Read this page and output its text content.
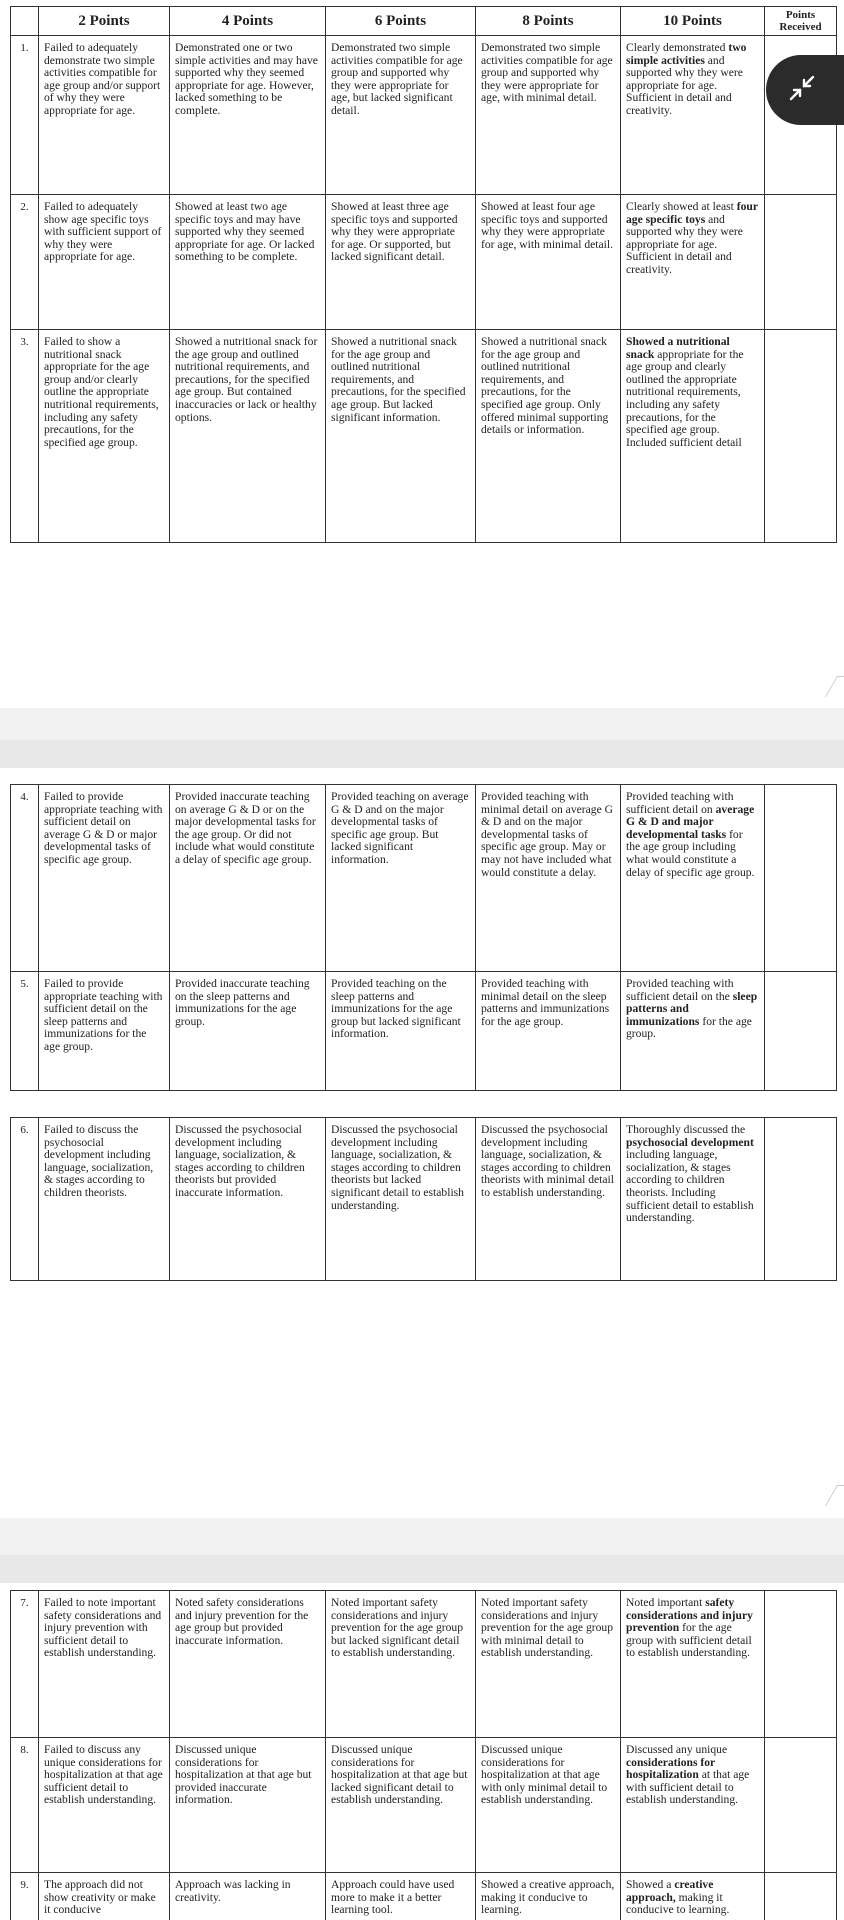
	2 Points	4 Points	6 Points	8 Points	10 Points	Points Received
1.	Failed to adequately demonstrate two simple activities compatible for age group and/or support of why they were appropriate for age.	Demonstrated one or two simple activities and may have supported why they seemed appropriate for age. However, lacked something to be complete.	Demonstrated two simple activities compatible for age group and supported why they were appropriate for age, but lacked significant detail.	Demonstrated two simple activities compatible for age group and supported why they were appropriate for age, with minimal detail.	Clearly demonstrated two simple activities and supported why they were appropriate for age. Sufficient in detail and creativity.	
2.	Failed to adequately show age specific toys with sufficient support of why they were appropriate for age.	Showed at least two age specific toys and may have supported why they seemed appropriate for age. Or lacked something to be complete.	Showed at least three age specific toys and supported why they were appropriate for age. Or supported, but lacked significant detail.	Showed at least four age specific toys and supported why they were appropriate for age, with minimal detail.	Clearly showed at least four age specific toys and supported why they were appropriate for age. Sufficient in detail and creativity.	
3.	Failed to show a nutritional snack appropriate for the age group and/or clearly outline the appropriate nutritional requirements, including any safety precautions, for the specified age group.	Showed a nutritional snack for the age group and outlined nutritional requirements, and precautions, for the specified age group. But contained inaccuracies or lack or healthy options.	Showed a nutritional snack for the age group and outlined nutritional requirements, and precautions, for the specified age group. But lacked significant information.	Showed a nutritional snack for the age group and outlined nutritional requirements, and precautions, for the specified age group. Only offered minimal supporting details or information.	Showed a nutritional snack appropriate for the age group and clearly outlined the appropriate nutritional requirements, including any safety precautions, for the specified age group. Included sufficient detail	
4.	Failed to provide appropriate teaching with sufficient detail on average G & D or major developmental tasks of specific age group.	Provided inaccurate teaching on average G & D or on the major developmental tasks for the age group. Or did not include what would constitute a delay of specific age group.	Provided teaching on average G & D and on the major developmental tasks of specific age group. But lacked significant information.	Provided teaching with minimal detail on average G & D and on the major developmental tasks of specific age group. May or may not have included what would constitute a delay.	Provided teaching with sufficient detail on average G & D and major developmental tasks for the age group including what would constitute a delay of specific age group.	
5.	Failed to provide appropriate teaching with sufficient detail on the sleep patterns and immunizations for the age group.	Provided inaccurate teaching on the sleep patterns and immunizations for the age group.	Provided teaching on the sleep patterns and immunizations for the age group but lacked significant information.	Provided teaching with minimal detail on the sleep patterns and immunizations for the age group.	Provided teaching with sufficient detail on the sleep patterns and immunizations for the age group.	

6.	Failed to discuss the psychosocial development including language, socialization, & stages according to children theorists.	Discussed the psychosocial development including language, socialization, & stages according to children theorists but provided inaccurate information.	Discussed the psychosocial development including language, socialization, & stages according to children theorists but lacked significant detail to establish understanding.	Discussed the psychosocial development including language, socialization, & stages according to children theorists with minimal detail to establish understanding.	Thoroughly discussed the psychosocial development including language, socialization, & stages according to children theorists. Including sufficient detail to establish understanding.	
7.	Failed to note important safety considerations and injury prevention with sufficient detail to establish understanding.	Noted safety considerations and injury prevention for the age group but provided inaccurate information.	Noted important safety considerations and injury prevention for the age group but lacked significant detail to establish understanding.	Noted important safety considerations and injury prevention for the age group with minimal detail to establish understanding.	Noted important safety considerations and injury prevention for the age group with sufficient detail to establish understanding.	
8.	Failed to discuss any unique considerations for hospitalization at that age sufficient detail to establish understanding.	Discussed unique considerations for hospitalization at that age but provided inaccurate information.	Discussed unique considerations for hospitalization at that age but lacked significant detail to establish understanding.	Discussed unique considerations for hospitalization at that age with only minimal detail to establish understanding.	Discussed any unique considerations for hospitalization at that age with sufficient detail to establish understanding.	
9.	The approach did not show creativity or make it conducive	Approach was lacking in creativity.	Approach could have used more to make it a better learning tool.	Showed a creative approach, making it conducive to learning.	Showed a creative approach, making it conducive to learning.	
